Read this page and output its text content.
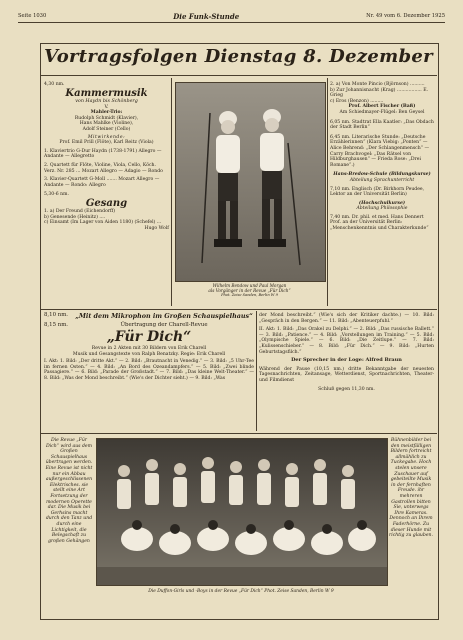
Seite 1030	Die Funk-Stunde	Nr. 49 vom 6. Dezember 1925
Vortragsfolgen Dienstag 8. Dezember

4,30 nm.

Kammermusik

von Haydn bis Schönberg

V.

Mahler-Trio:

Rudolph Schmidt (Klavier),

Hans Mahlke (Violine),

Adolf Steiner (Cello)

Mitwirkende:

Prof. Emil Prill (Flöte), Karl Reitz (Viola)

1. Klaviertrio G-Dur Haydn (1738-1791) Allegro — Andante — Allegretto

2. Quartett für Flöte, Violine, Viola, Cello, Köch. Verz. Nr. 285 ... Mozart Allegro — Adagio — Rondo

3. Klavier-Quartett G-Moll ....... Mozart Allegro — Andante — Rondo: Allegro

5,30-6 nm.

Gesang

1. a) Der Freund (Eichendorff)

b) Genesende (Heinitz) ....

c) Einsamt (Im Lager von Aiden 1180) (Schefel) ...

Hugo Wolf

Wilhelm Bendow und Paul Morgan
als Vorgänger in der Revue „Für Dich“
Phot. Zeise Sanden, Berlin W 9

2. a) Von Monte Pincio (Björnson) ..........

b) Zur Johannisnacht (Krag) ................. E. Grieg

c) Eros (Benzon) .........

Prof. Albert Fischer (Baß)

Am Schiedmayer-Flügel: Ben Geysel

6,05 nm. Stadtrat Ella Kaatler: „Das Obdach der Stadt Berlin“

6,45 nm. Literarische Stunde: „Deutsche Erzählerinnen“ (Klara Viebig: „Ponten“ — Alice Behrend: „Der Schlangenmensch“ — Carry Brachvogel: „Das Rätsel von Hildburghausen“ — Frieda Rose: „Drei Romane“.)

Hans-Bredow-Schule (Bildungskurse)

Abteilung Sprachunterricht

7,10 nm. Englisch (Dr. Birkhorn Peudee, Lektor an der Universität Berlin)

(Hochschulkurse)

Abteilung Philosophie

7,40 nm. Dr. phil. et med. Hans Dennert Prof. an der Universität Berlin: „Menschenkenntnis und Charakterkunde“

8,10 nm. „Mit dem Mikrophon im Großen Schauspielhaus“

8,15 nm.	Übertragung der Charell-Revue

„Für Dich“

Revue in 2 Akten mit 30 Bildern von Erik Charell

Musik und Gesangstexte von Ralph Benatzky. Regie: Erik Charell

I. Akt: 1. Bild: „Der dritte Akt.“ — 2. Bild: „Brautnacht in Venedig.“ — 3. Bild: „5 Uhr-Tee im fernen Osten.“ — 4. Bild: „An Bord des Ozeandampfers.“ — 5. Bild: „Zwei blinde Passagiere.“ — 6. Bild: „Parade der Großstadt.“ — 7. Bild: „Das kleine Welt-Theater.“ — 8. Bild: „Was der Mond beschreibt.“ (Wie's der Dichter sieht.) — 9. Bild: „Was

der Mond beschreibt.“ (Wie's sich der Kritiker dachte.) — 10. Bild: „Gespräch in den Bergen.“ — 11. Bild: „Abenteuerpfuhl.“

II. Akt: 1. Bild: „Das Orakel zu Delphi.“ — 2. Bild: „Das russische Ballett.“ — 3. Bild: „Patience.“ — 4. Bild: „Vorstellungen im Training.“ — 5. Bild: „Olympische Spiele.“ — 6. Bild: „Die Zeitlupe.“ — 7. Bild: „Kulissenschieber.“ — 8. Bild: „Für Dich.“ — 9. Bild: „Hurten Geburtstagsfilch.“

Der Sprecher in der Loge: Alfred Braun

Während der Pause (10,15 nm.) dritte Bekanntgabe der neuesten Tagesnachrichten, Zeitansage, Wetterdienst, Sportnachrichten, Theater- und Filmdienst

Schluß gegen 11,30 nm.

Die Revue „Für Dich“ wird aus dem Großen Schauspielhaus übertragen werden. Eine Revue ist nicht nur ein Abbau außergeschlissenen Elektrisches. sie stellt eine Art Fortsetzung der modernen Operette dar. Die Musik bei Gerhsins macht durch den Tanz und durch eine Lichtigkeit, die Belegschaft zu großen Gehängen
Die Duffon-Girls und -Boys in der Revue „Für Dich“ Phot. Zeise Sanden, Berlin W 9
Bühnenbilder bei den meistfälligen Bildern fortreicht allmählich zu Tuckegabe. Hoch stelen unsere Zuschauer auf gebeiteilte Musik in der fernhaften Freude. ihr mehreren Gastrollen bitten Sie, unterwegs Ihre Kameras. Dennoch an Ihrem Faderhörne. Zu dieser Hunde mit richtig zu glauben.
